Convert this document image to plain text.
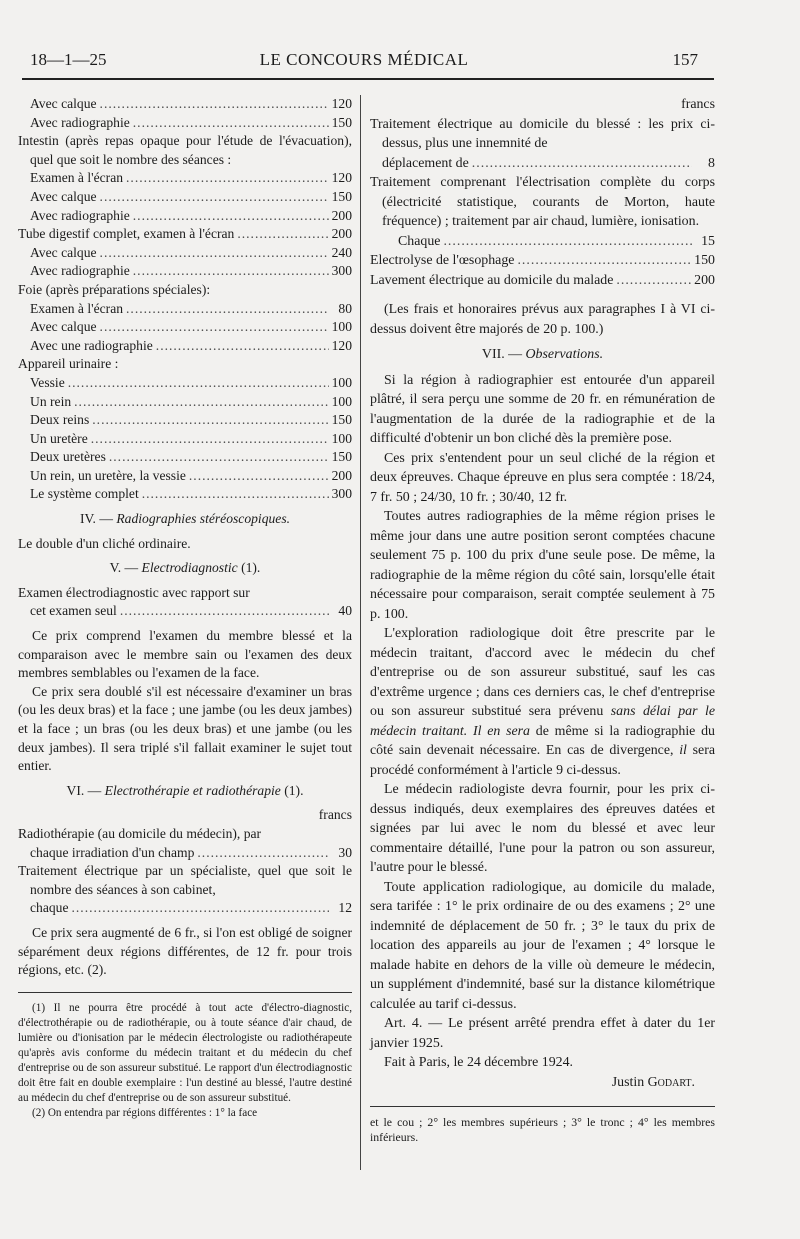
18—1—25	LE CONCOURS MÉDICAL	157
Avec calque .....	120
Avec radiographie .....	150
Intestin (après repas opaque pour l'étude de l'évacuation), quel que soit le nombre des séances :
Examen à l'écran .....	120
Avec calque .....	150
Avec radiographie .....	200
Tube digestif complet, examen à l'écran .....	200
Avec calque .....	240
Avec radiographie .....	300
Foie (après préparations spéciales):
Examen à l'écran .....	80
Avec calque .....	100
Avec une radiographie .....	120
Appareil urinaire :
Vessie .....	100
Un rein .....	100
Deux reins .....	150
Un uretère .....	100
Deux uretères .....	150
Un rein, un uretère, la vessie .....	200
Le système complet .....	300
IV. — Radiographies stéréoscopiques.
Le double d'un cliché ordinaire.
V. — Electrodiagnostic (1).
Examen électrodiagnostic avec rapport sur
cet examen seul .....	40

Ce prix comprend l'examen du membre blessé et la comparaison avec le membre sain ou l'examen des deux membres semblables ou l'examen de la face.

Ce prix sera doublé s'il est nécessaire d'examiner un bras (ou les deux bras) et la face ; une jambe (ou les deux jambes) et la face ; un bras (ou les deux bras) et une jambe (ou les deux jambes). Il sera triplé s'il fallait examiner le sujet tout entier.

VI. — Electrothérapie et radiothérapie (1).
francs
Radiothérapie (au domicile du médecin), par
chaque irradiation d'un champ .....	30
Traitement électrique par un spécialiste, quel que soit le nombre des séances à son cabinet,
chaque .....	12

Ce prix sera augmenté de 6 fr., si l'on est obligé de soigner séparément deux régions différentes, de 12 fr. pour trois régions, etc. (2).

(1) Il ne pourra être procédé à tout acte d'électro-diagnostic, d'électrothérapie ou de radiothérapie, ou à toute séance d'air chaud, de lumière ou d'ionisation par le médecin électrologiste ou radiothérapeute qu'après avis conforme du médecin traitant et du médecin du chef d'entreprise ou de son assureur substitué. Le rapport d'un électrodiagnostic doit être fait en double exemplaire : l'un destiné au blessé, l'autre destiné au médecin du chef d'entreprise ou de son assureur substitué.

(2) On entendra par régions différentes : 1° la face

francs
Traitement électrique au domicile du blessé : les prix ci-dessus, plus une innemnité de
déplacement de .....	8
Traitement comprenant l'électrisation complète du corps (électricité statistique, courants de Morton, haute fréquence) ; traitement par air chaud, lumière, ionisation.
Chaque .....	15
Electrolyse de l'œsophage .....	150
Lavement électrique au domicile du malade .....	200

(Les frais et honoraires prévus aux paragraphes I à VI ci-dessus doivent être majorés de 20 p. 100.)

VII. — Observations.

Si la région à radiographier est entourée d'un appareil plâtré, il sera perçu une somme de 20 fr. en rémunération de l'augmentation de la durée de la radiographie et de la difficulté d'obtenir un bon cliché dès la première pose.

Ces prix s'entendent pour un seul cliché de la région et deux épreuves. Chaque épreuve en plus sera comptée : 18/24, 7 fr. 50 ; 24/30, 10 fr. ; 30/40, 12 fr.

Toutes autres radiographies de la même région prises le même jour dans une autre position seront comptées chacune seulement 75 p. 100 du prix d'une seule pose. De même, la radiographie de la même région du côté sain, lorsqu'elle était nécessaire pour comparaison, serait comptée seulement à 75 p. 100.

L'exploration radiologique doit être prescrite par le médecin traitant, d'accord avec le médecin du chef d'entreprise ou de son assureur substitué, sauf les cas d'extrême urgence ; dans ces derniers cas, le chef d'entreprise ou son assureur substitué sera prévenu sans délai par le médecin traitant. Il en sera de même si la radiographie du côté sain devenait nécessaire. En cas de divergence, il sera procédé conformément à l'article 9 ci-dessus.

Le médecin radiologiste devra fournir, pour les prix ci-dessus indiqués, deux exemplaires des épreuves datées et signées par lui avec le nom du blessé et avec leur commentaire détaillé, l'une pour la patron ou son assureur, l'autre pour le blessé.

Toute application radiologique, au domicile du malade, sera tarifée : 1° le prix ordinaire de ou des examens ; 2° une indemnité de déplacement de 50 fr. ; 3° le taux du prix de location des appareils au jour de l'examen ; 4° lorsque le malade habite en dehors de la ville où demeure le médecin, un supplément d'indemnité, basé sur la distance kilométrique calculée au tarif ci-dessus.

Art. 4. — Le présent arrêté prendra effet à dater du 1er janvier 1925.

Fait à Paris, le 24 décembre 1924.

Justin Godart.

et le cou ; 2° les membres supérieurs ; 3° le tronc ; 4° les membres inférieurs.
